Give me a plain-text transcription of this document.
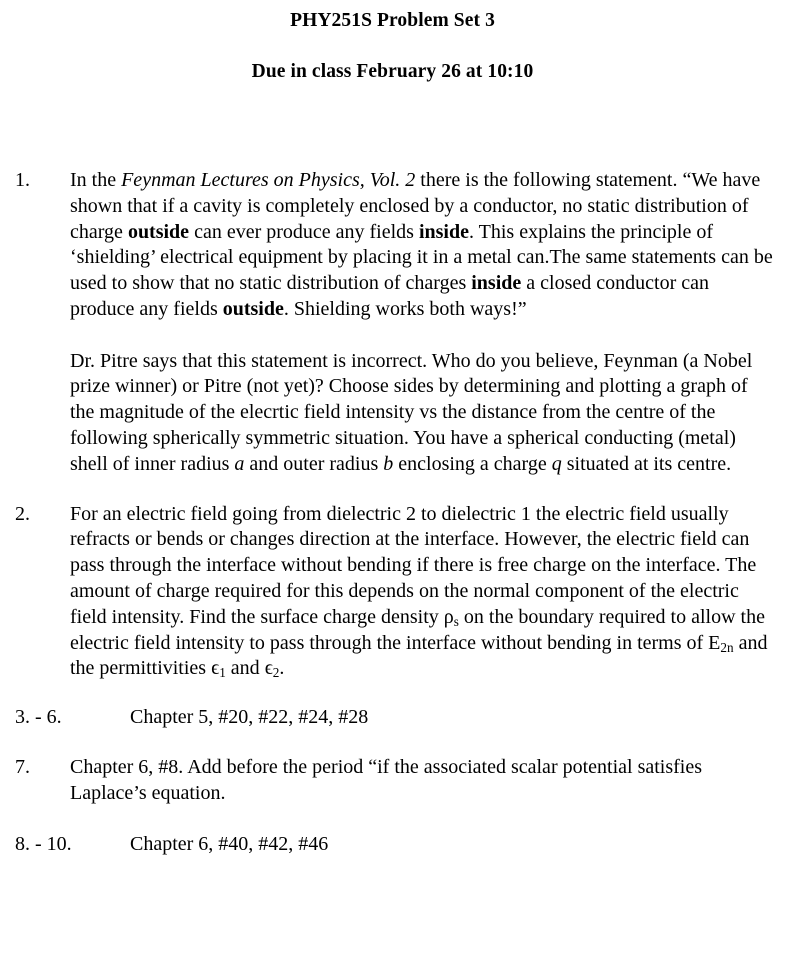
PHY251S Problem Set 3
Due in class February 26 at 10:10
1.	In the Feynman Lectures on Physics, Vol. 2 there is the following statement. “We have shown that if a cavity is completely enclosed by a conductor, no static distribution of charge outside can ever produce any fields inside. This explains the principle of ‘shielding’ electrical equipment by placing it in a metal can.The same statements can be used to show that no static distribution of charges inside a closed conductor can produce any fields outside. Shielding works both ways!”

Dr. Pitre says that this statement is incorrect. Who do you believe, Feynman (a Nobel prize winner) or Pitre (not yet)? Choose sides by determining and plotting a graph of the magnitude of the elecrtic field intensity vs the distance from the centre of the following spherically symmetric situation. You have a spherical conducting (metal) shell of inner radius a and outer radius b enclosing a charge q situated at its centre.

2.	For an electric field going from dielectric 2 to dielectric 1 the electric field usually refracts or bends or changes direction at the interface. However, the electric field can pass through the interface without bending if there is free charge on the interface. The amount of charge required for this depends on the normal component of the electric field intensity. Find the surface charge density $\rho_s$ on the boundary required to allow the electric field intensity to pass through the interface without bending in terms of $E_{2n}$ and the permittivities $\epsilon_1$ and $\epsilon_2$.

3. - 6.	Chapter 5, #20, #22, #24, #28

7.	Chapter 6, #8. Add before the period “if the associated scalar potential satisfies Laplace’s equation.

8. - 10.	Chapter 6, #40, #42, #46
